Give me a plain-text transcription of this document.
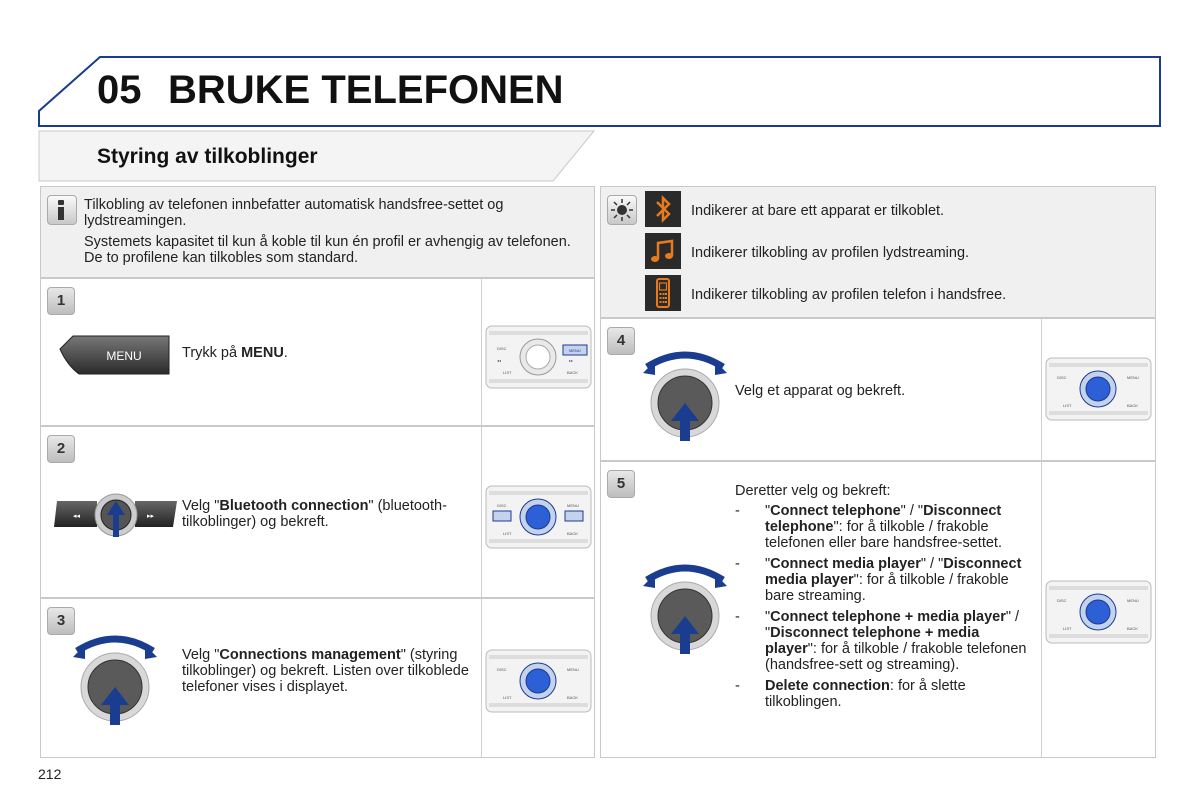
05 BRUKE TELEFONEN
Styring av tilkoblinger
Tilkobling av telefonen innbefatter automatisk handsfree-settet og lydstreamingen.
Systemets kapasitet til kun å koble til kun én profil er avhengig av telefonen. De to profilene kan tilkobles som standard.
1
MENU	Trykk på MENU.	DISC	MENU
LIST	BACK
◂◂	▸▸
2
◂◂	▸▸
Velg "Bluetooth connection" (bluetooth-tilkoblinger) og bekreft.
DISC	MENU
LIST	BACK
3
Velg "Connections management" (styring tilkoblinger) og bekreft. Listen over tilkoblede telefoner vises i displayet.
DISC	MENU
LIST	BACK
Indikerer at bare ett apparat er tilkoblet.
Indikerer tilkobling av profilen lydstreaming.
Indikerer tilkobling av profilen telefon i handsfree.
4
Velg et apparat og bekreft.
DISC	MENU
LIST	BACK
5	Deretter velg og bekreft:
- "Connect telephone" / "Disconnect telephone": for å tilkoble / frakoble telefonen eller bare handsfree-settet.
- "Connect media player" / "Disconnect media player": for å tilkoble / frakoble bare streaming.
- "Connect telephone + media player" / "Disconnect telephone + media player": for å tilkoble / frakoble telefonen (handsfree-sett og streaming).
- Delete connection: for å slette tilkoblingen.
DISC	MENU
LIST	BACK
212
